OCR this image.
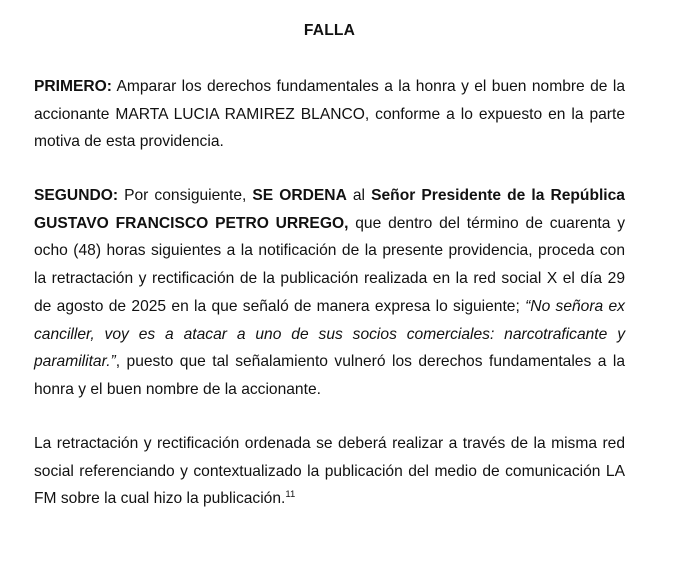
FALLA

PRIMERO: Amparar los derechos fundamentales a la honra y el buen nombre de la accionante MARTA LUCIA RAMIREZ BLANCO, conforme a lo expuesto en la parte motiva de esta providencia.

SEGUNDO: Por consiguiente, SE ORDENA al Señor Presidente de la República GUSTAVO FRANCISCO PETRO URREGO, que dentro del término de cuarenta y ocho (48) horas siguientes a la notificación de la presente providencia, proceda con la retractación y rectificación de la publicación realizada en la red social X el día 29 de agosto de 2025 en la que señaló de manera expresa lo siguiente; “No señora ex canciller, voy es a atacar a uno de sus socios comerciales: narcotraficante y paramilitar.”, puesto que tal señalamiento vulneró los derechos fundamentales a la honra y el buen nombre de la accionante.

La retractación y rectificación ordenada se deberá realizar a través de la misma red social referenciando y contextualizado la publicación del medio de comunicación LA FM sobre la cual hizo la publicación.$^{11}$
